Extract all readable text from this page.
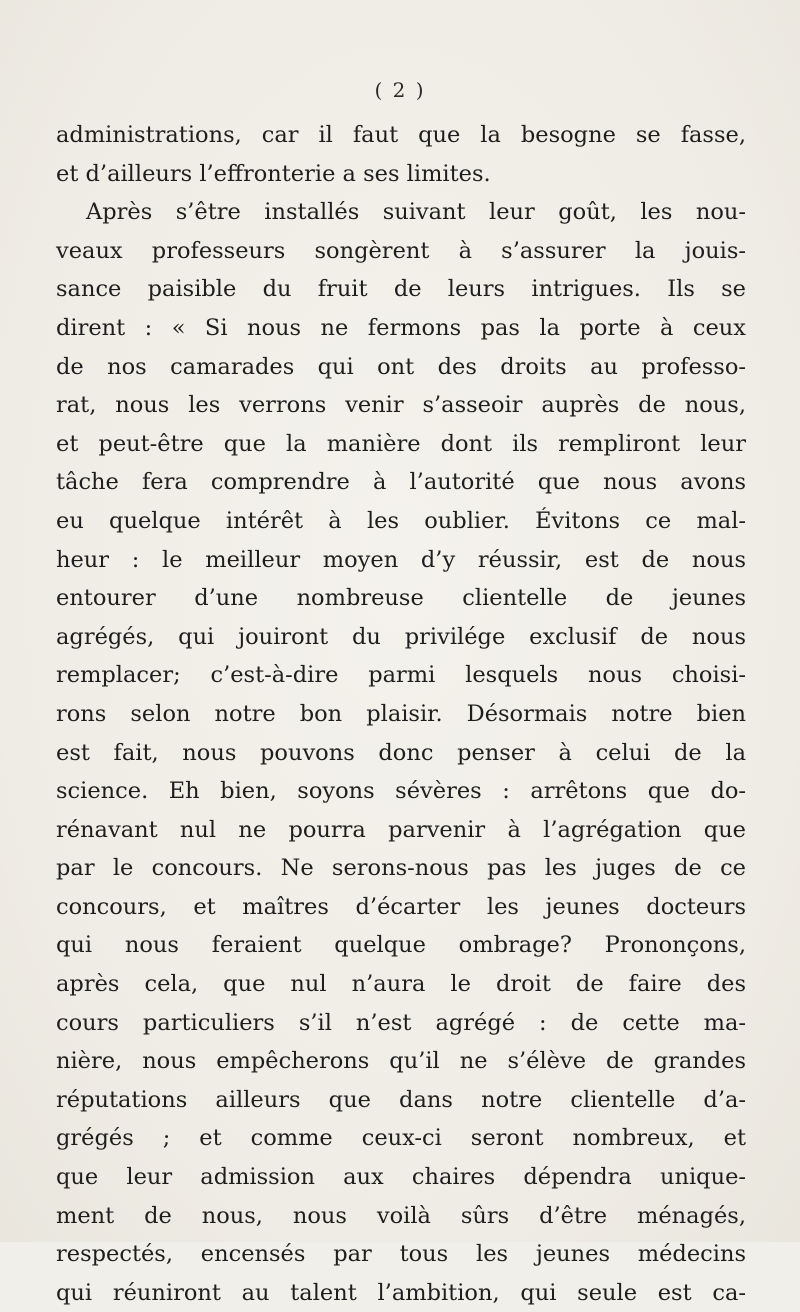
( 2 )
administrations, car il faut que la besogne se fasse,
et d’ailleurs l’effronterie a ses limites.
Après s’être installés suivant leur goût, les nou-
veaux professeurs songèrent à s’assurer la jouis-
sance paisible du fruit de leurs intrigues. Ils se
dirent : « Si nous ne fermons pas la porte à ceux
de nos camarades qui ont des droits au professo-
rat, nous les verrons venir s’asseoir auprès de nous,
et peut-être que la manière dont ils rempliront leur
tâche fera comprendre à l’autorité que nous avons
eu quelque intérêt à les oublier. Évitons ce mal-
heur : le meilleur moyen d’y réussir, est de nous
entourer d’une nombreuse clientelle de jeunes
agrégés, qui jouiront du privilége exclusif de nous
remplacer; c’est-à-dire parmi lesquels nous choisi-
rons selon notre bon plaisir. Désormais notre bien
est fait, nous pouvons donc penser à celui de la
science. Eh bien, soyons sévères : arrêtons que do-
rénavant nul ne pourra parvenir à l’agrégation que
par le concours. Ne serons-nous pas les juges de ce
concours, et maîtres d’écarter les jeunes docteurs
qui nous feraient quelque ombrage? Prononçons,
après cela, que nul n’aura le droit de faire des
cours particuliers s’il n’est agrégé : de cette ma-
nière, nous empêcherons qu’il ne s’élève de grandes
réputations ailleurs que dans notre clientelle d’a-
grégés ; et comme ceux-ci seront nombreux, et
que leur admission aux chaires dépendra unique-
ment de nous, nous voilà sûrs d’être ménagés,
respectés, encensés par tous les jeunes médecins
qui réuniront au talent l’ambition, qui seule est ca-
